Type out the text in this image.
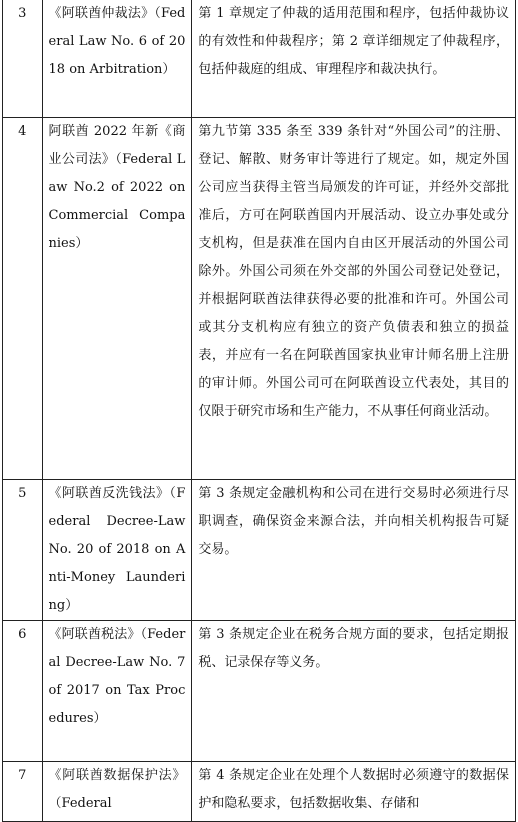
3	《阿联酋仲裁法》（Federal Law No. 6 of 2018 on Arbitration）	第 1 章规定了仲裁的适用范围和程序，包括仲裁协议的有效性和仲裁程序；第 2 章详细规定了仲裁程序，包括仲裁庭的组成、审理程序和裁决执行。
4	阿联酋 2022 年新《商业公司法》（Federal Law No.2 of 2022 on Commercial Companies）	第九节第 335 条至 339 条针对“外国公司”的注册、登记、解散、财务审计等进行了规定。如，规定外国公司应当获得主管当局颁发的许可证，并经外交部批准后，方可在阿联酋国内开展活动、设立办事处或分支机构，但是获准在国内自由区开展活动的外国公司除外。外国公司须在外交部的外国公司登记处登记，并根据阿联酋法律获得必要的批准和许可。外国公司或其分支机构应有独立的资产负债表和独立的损益表，并应有一名在阿联酋国家执业审计师名册上注册的审计师。外国公司可在阿联酋设立代表处，其目的仅限于研究市场和生产能力，不从事任何商业活动。
5	《阿联酋反洗钱法》（Federal Decree-Law No. 20 of 2018 on Anti-Money Laundering）	第 3 条规定金融机构和公司在进行交易时必须进行尽职调查，确保资金来源合法，并向相关机构报告可疑交易。
6	《阿联酋税法》（Federal Decree-Law No. 7 of 2017 on Tax Procedures）	第 3 条规定企业在税务合规方面的要求，包括定期报税、记录保存等义务。
7	《阿联酋数据保护法》（Federal	第 4 条规定企业在处理个人数据时必须遵守的数据保护和隐私要求，包括数据收集、存储和
